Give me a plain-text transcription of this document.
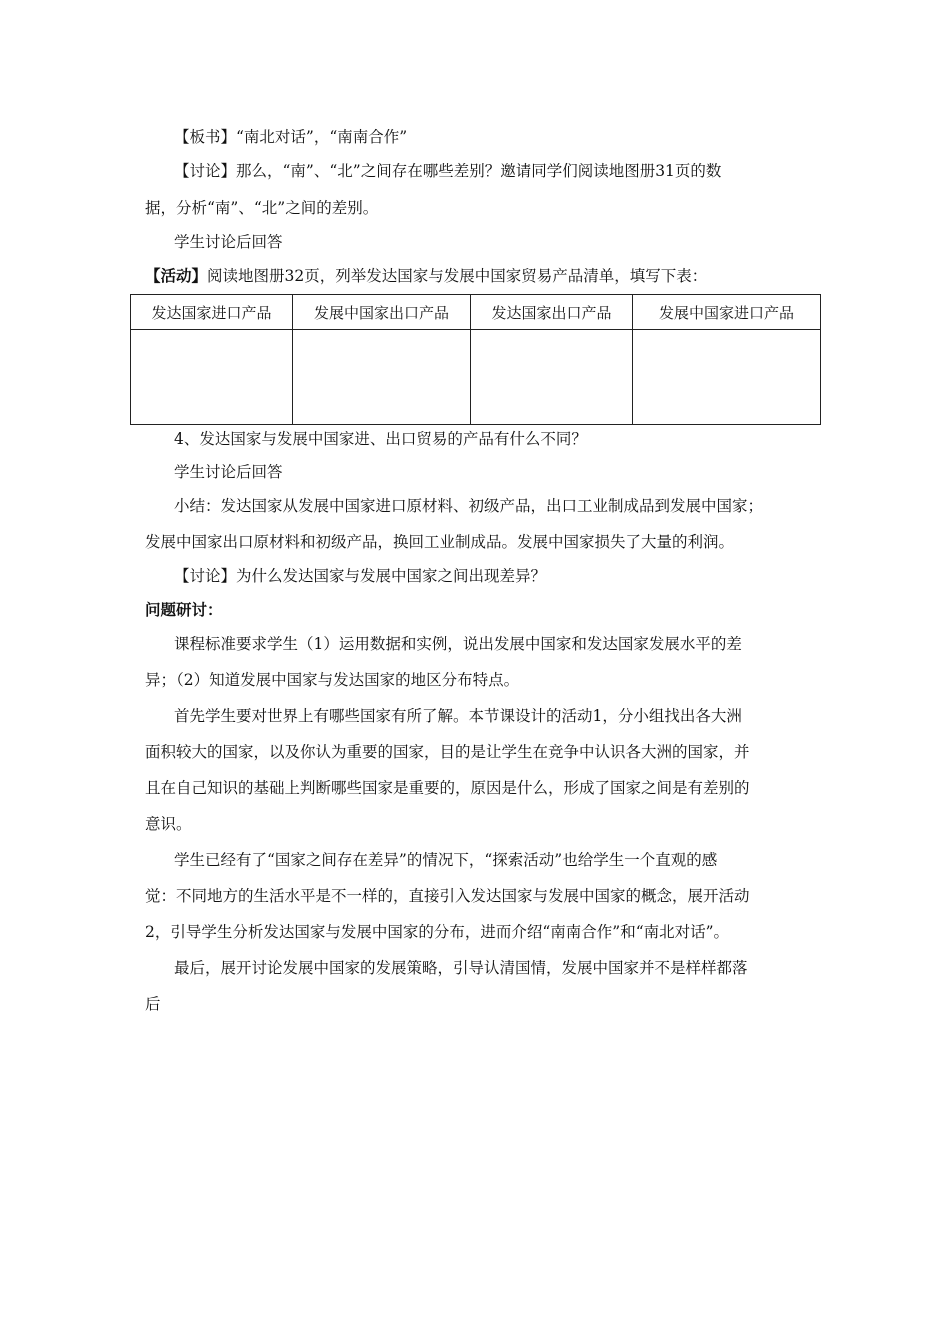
【板书】“南北对话”，“南南合作”
【讨论】那么，“南”、“北”之间存在哪些差别？邀请同学们阅读地图册31页的数
据，分析“南”、“北”之间的差别。
学生讨论后回答
【活动】阅读地图册32页，列举发达国家与发展中国家贸易产品清单，填写下表：
发达国家进口产品	发展中国家出口产品	发达国家出口产品	发展中国家进口产品

4、发达国家与发展中国家进、出口贸易的产品有什么不同？
学生讨论后回答
小结：发达国家从发展中国家进口原材料、初级产品，出口工业制成品到发展中国家；
发展中国家出口原材料和初级产品，换回工业制成品。发展中国家损失了大量的利润。
【讨论】为什么发达国家与发展中国家之间出现差异？
问题研讨：
课程标准要求学生（1）运用数据和实例，说出发展中国家和发达国家发展水平的差
异；（2）知道发展中国家与发达国家的地区分布特点。
首先学生要对世界上有哪些国家有所了解。本节课设计的活动1，分小组找出各大洲
面积较大的国家，以及你认为重要的国家，目的是让学生在竞争中认识各大洲的国家，并
且在自己知识的基础上判断哪些国家是重要的，原因是什么，形成了国家之间是有差别的
意识。
学生已经有了“国家之间存在差异”的情况下，“探索活动”也给学生一个直观的感
觉：不同地方的生活水平是不一样的，直接引入发达国家与发展中国家的概念，展开活动
2，引导学生分析发达国家与发展中国家的分布，进而介绍“南南合作”和“南北对话”。
最后，展开讨论发展中国家的发展策略，引导认清国情，发展中国家并不是样样都落
后
